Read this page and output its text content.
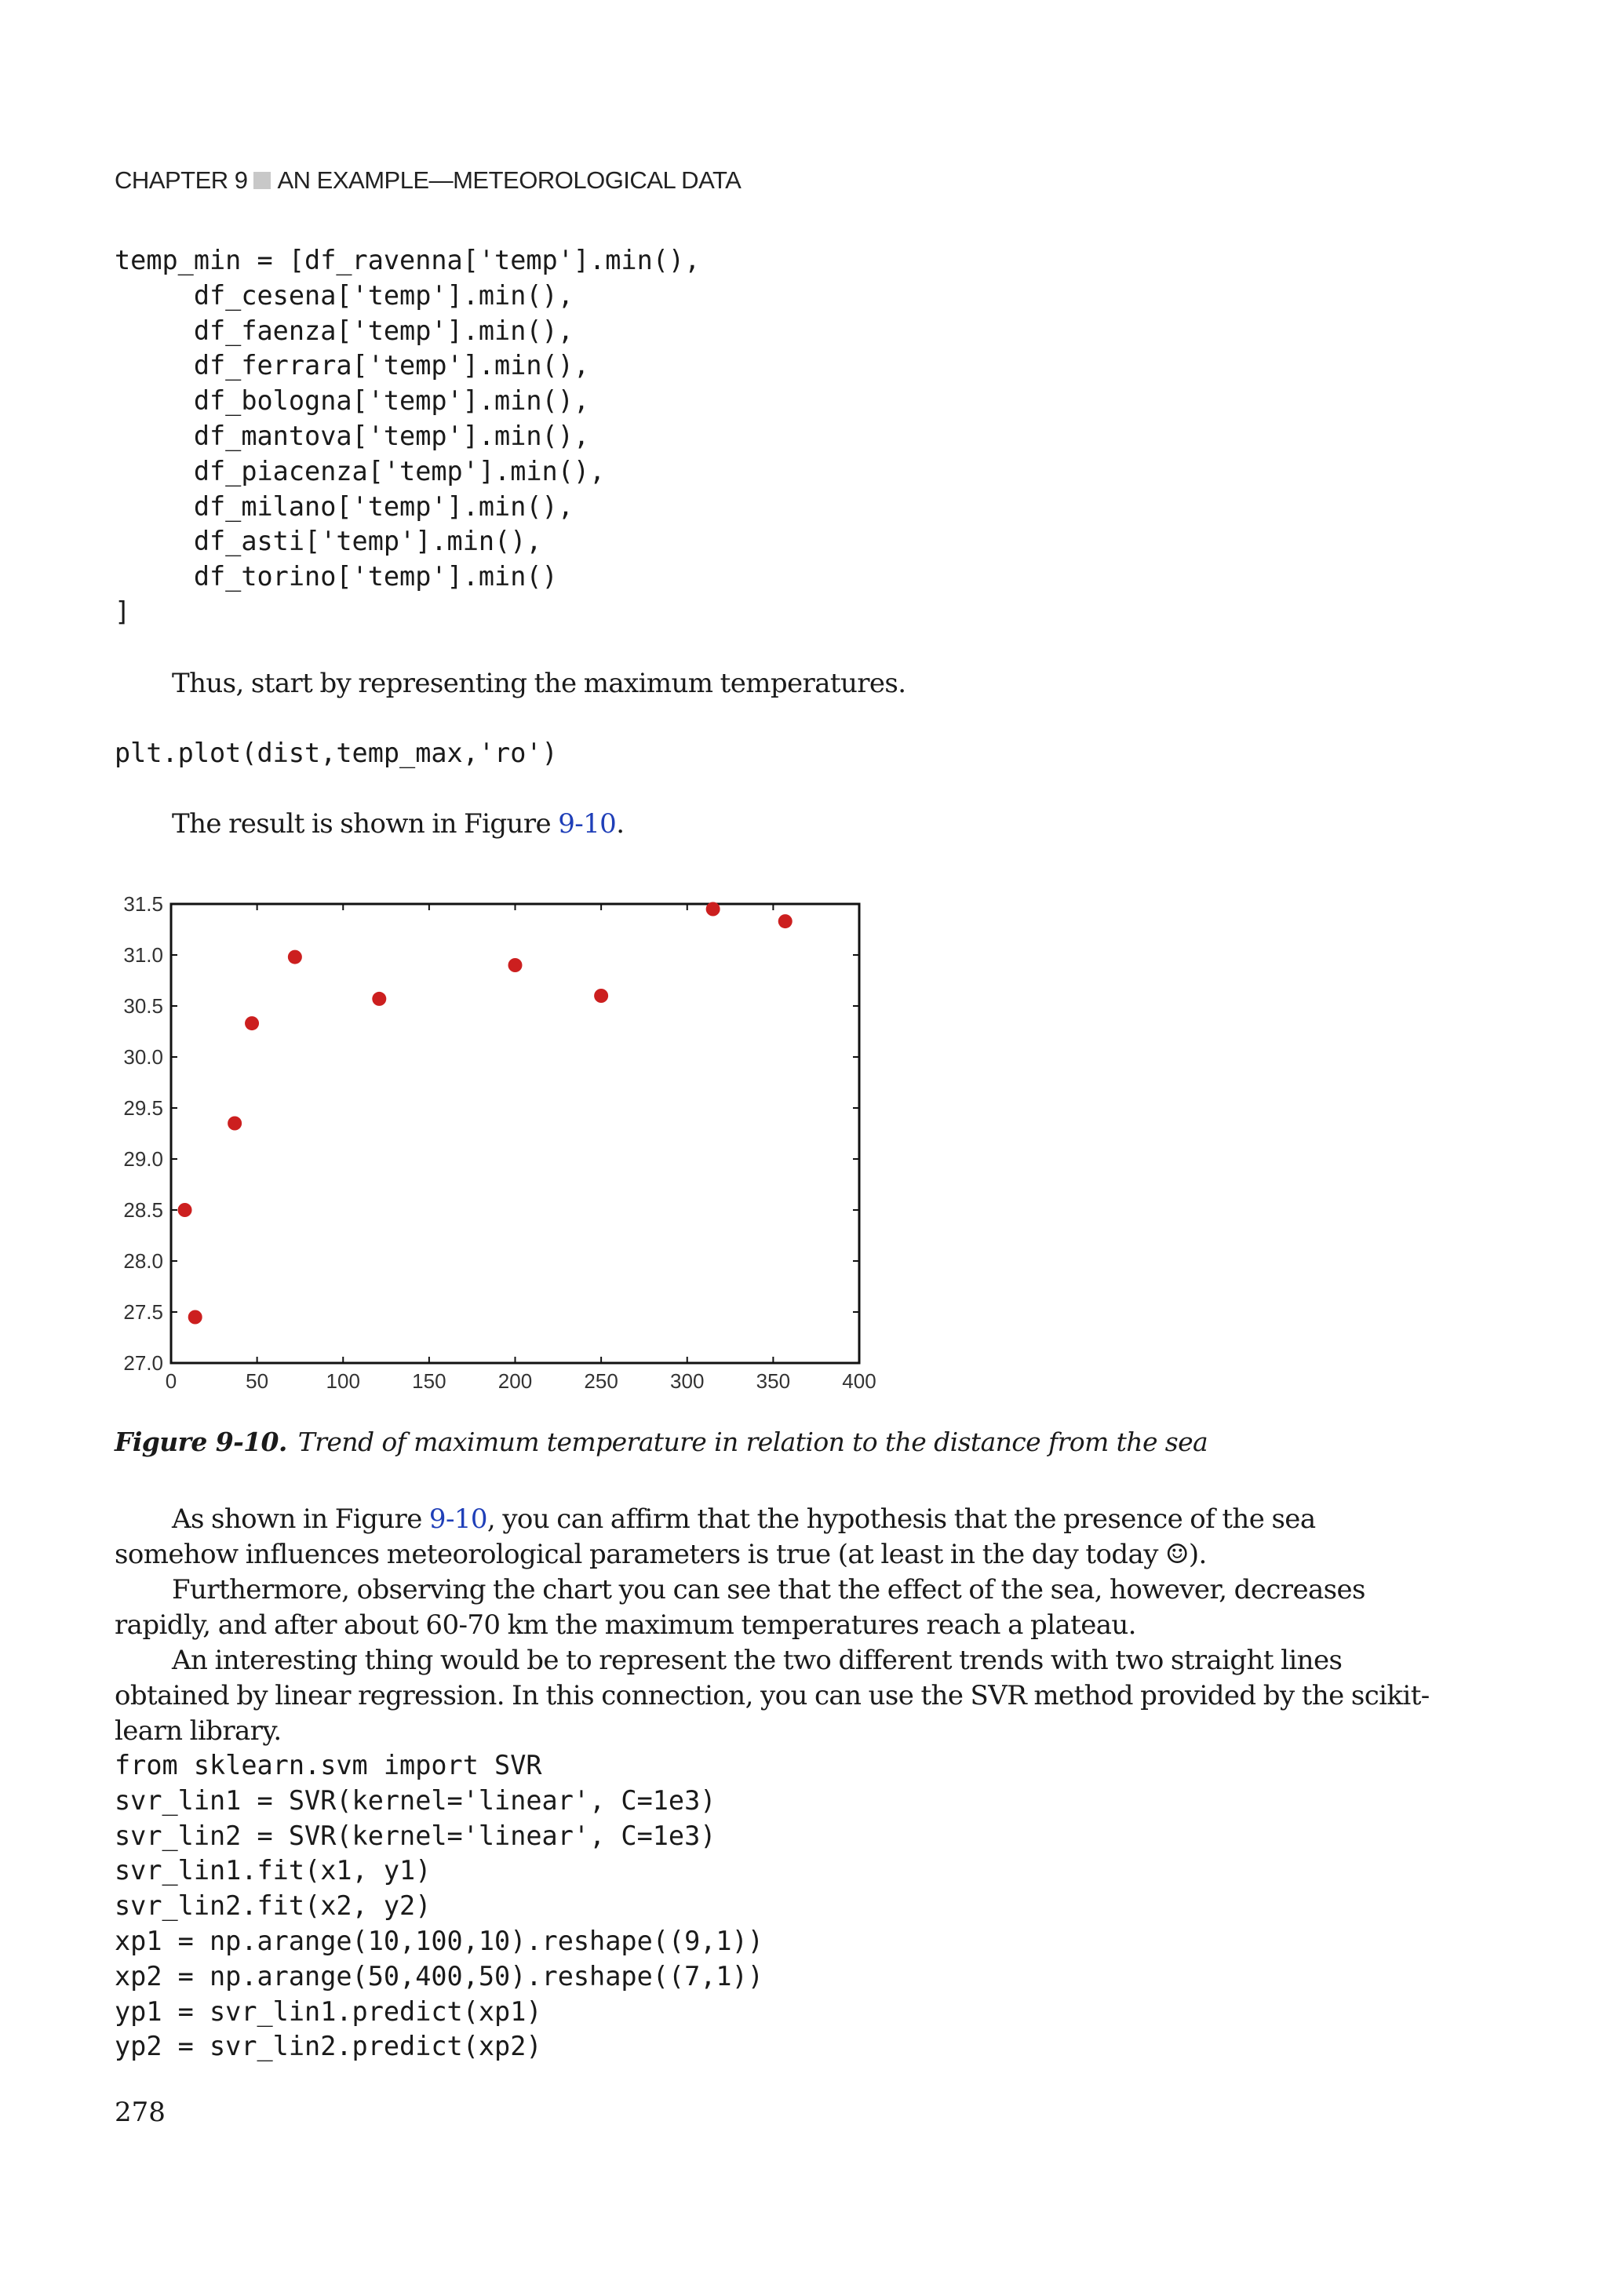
CHAPTER 9 AN EXAMPLE—METEOROLOGICAL DATA
temp_min = [df_ravenna['temp'].min(),
df_cesena['temp'].min(),
df_faenza['temp'].min(),
df_ferrara['temp'].min(),
df_bologna['temp'].min(),
df_mantova['temp'].min(),
df_piacenza['temp'].min(),
df_milano['temp'].min(),
df_asti['temp'].min(),
df_torino['temp'].min()
]

Thus, start by representing the maximum temperatures.

plt.plot(dist,temp_max,'ro')

The result is shown in Figure 9-10.

0	50	100	150	200	250	300	350	400
27.0
27.5
28.0
28.5
29.0
29.5
30.0
30.5
31.0
31.5

Figure 9-10. Trend of maximum temperature in relation to the distance from the sea

As shown in Figure 9-10, you can affirm that the hypothesis that the presence of the sea somehow influences meteorological parameters is true (at least in the day today ☺).

Furthermore, observing the chart you can see that the effect of the sea, however, decreases rapidly, and after about 60-70 km the maximum temperatures reach a plateau.

An interesting thing would be to represent the two different trends with two straight lines obtained by linear regression. In this connection, you can use the SVR method provided by the scikit-learn library.

from sklearn.svm import SVR
svr_lin1 = SVR(kernel='linear', C=1e3)
svr_lin2 = SVR(kernel='linear', C=1e3)
svr_lin1.fit(x1, y1)
svr_lin2.fit(x2, y2)
xp1 = np.arange(10,100,10).reshape((9,1))
xp2 = np.arange(50,400,50).reshape((7,1))
yp1 = svr_lin1.predict(xp1)
yp2 = svr_lin2.predict(xp2)
278
